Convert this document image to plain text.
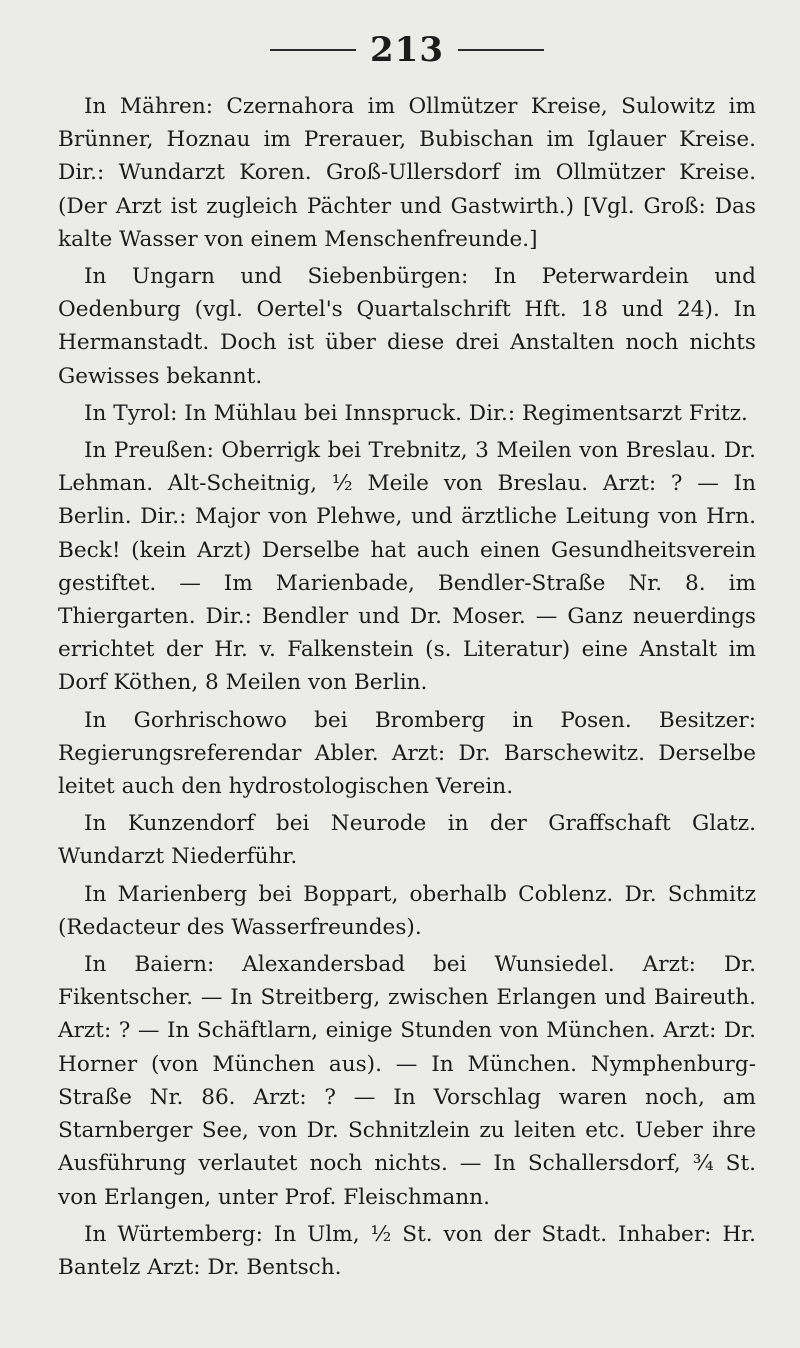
213

In Mähren: Czernahora im Ollmützer Kreise, Sulowitz im Brünner, Hoznau im Prerauer, Bubischan im Iglauer Kreise. Dir.: Wundarzt Koren. Groß-Ullersdorf im Ollmützer Kreise. (Der Arzt ist zugleich Pächter und Gastwirth.) [Vgl. Groß: Das kalte Wasser von einem Menschenfreunde.]

In Ungarn und Siebenbürgen: In Peterwardein und Oedenburg (vgl. Oertel's Quartalschrift Hft. 18 und 24). In Hermanstadt. Doch ist über diese drei Anstalten noch nichts Gewisses bekannt.

In Tyrol: In Mühlau bei Innspruck. Dir.: Regimentsarzt Fritz.

In Preußen: Oberrigk bei Trebnitz, 3 Meilen von Breslau. Dr. Lehman. Alt-Scheitnig, ½ Meile von Breslau. Arzt: ? — In Berlin. Dir.: Major von Plehwe, und ärztliche Leitung von Hrn. Beck! (kein Arzt) Derselbe hat auch einen Gesundheitsverein gestiftet. — Im Marienbade, Bendler-Straße Nr. 8. im Thiergarten. Dir.: Bendler und Dr. Moser. — Ganz neuerdings errichtet der Hr. v. Falkenstein (s. Literatur) eine Anstalt im Dorf Köthen, 8 Meilen von Berlin.

In Gorhrischowo bei Bromberg in Posen. Besitzer: Regierungsreferendar Abler. Arzt: Dr. Barschewitz. Derselbe leitet auch den hydrostologischen Verein.

In Kunzendorf bei Neurode in der Graffschaft Glatz. Wundarzt Niederführ.

In Marienberg bei Boppart, oberhalb Coblenz. Dr. Schmitz (Redacteur des Wasserfreundes).

In Baiern: Alexandersbad bei Wunsiedel. Arzt: Dr. Fikentscher. — In Streitberg, zwischen Erlangen und Baireuth. Arzt: ? — In Schäftlarn, einige Stunden von München. Arzt: Dr. Horner (von München aus). — In München. Nymphenburg-Straße Nr. 86. Arzt: ? — In Vorschlag waren noch, am Starnberger See, von Dr. Schnitzlein zu leiten etc. Ueber ihre Ausführung verlautet noch nichts. — In Schallersdorf, ¾ St. von Erlangen, unter Prof. Fleischmann.

In Würtemberg: In Ulm, ½ St. von der Stadt. Inhaber: Hr. Bantelz Arzt: Dr. Bentsch.
